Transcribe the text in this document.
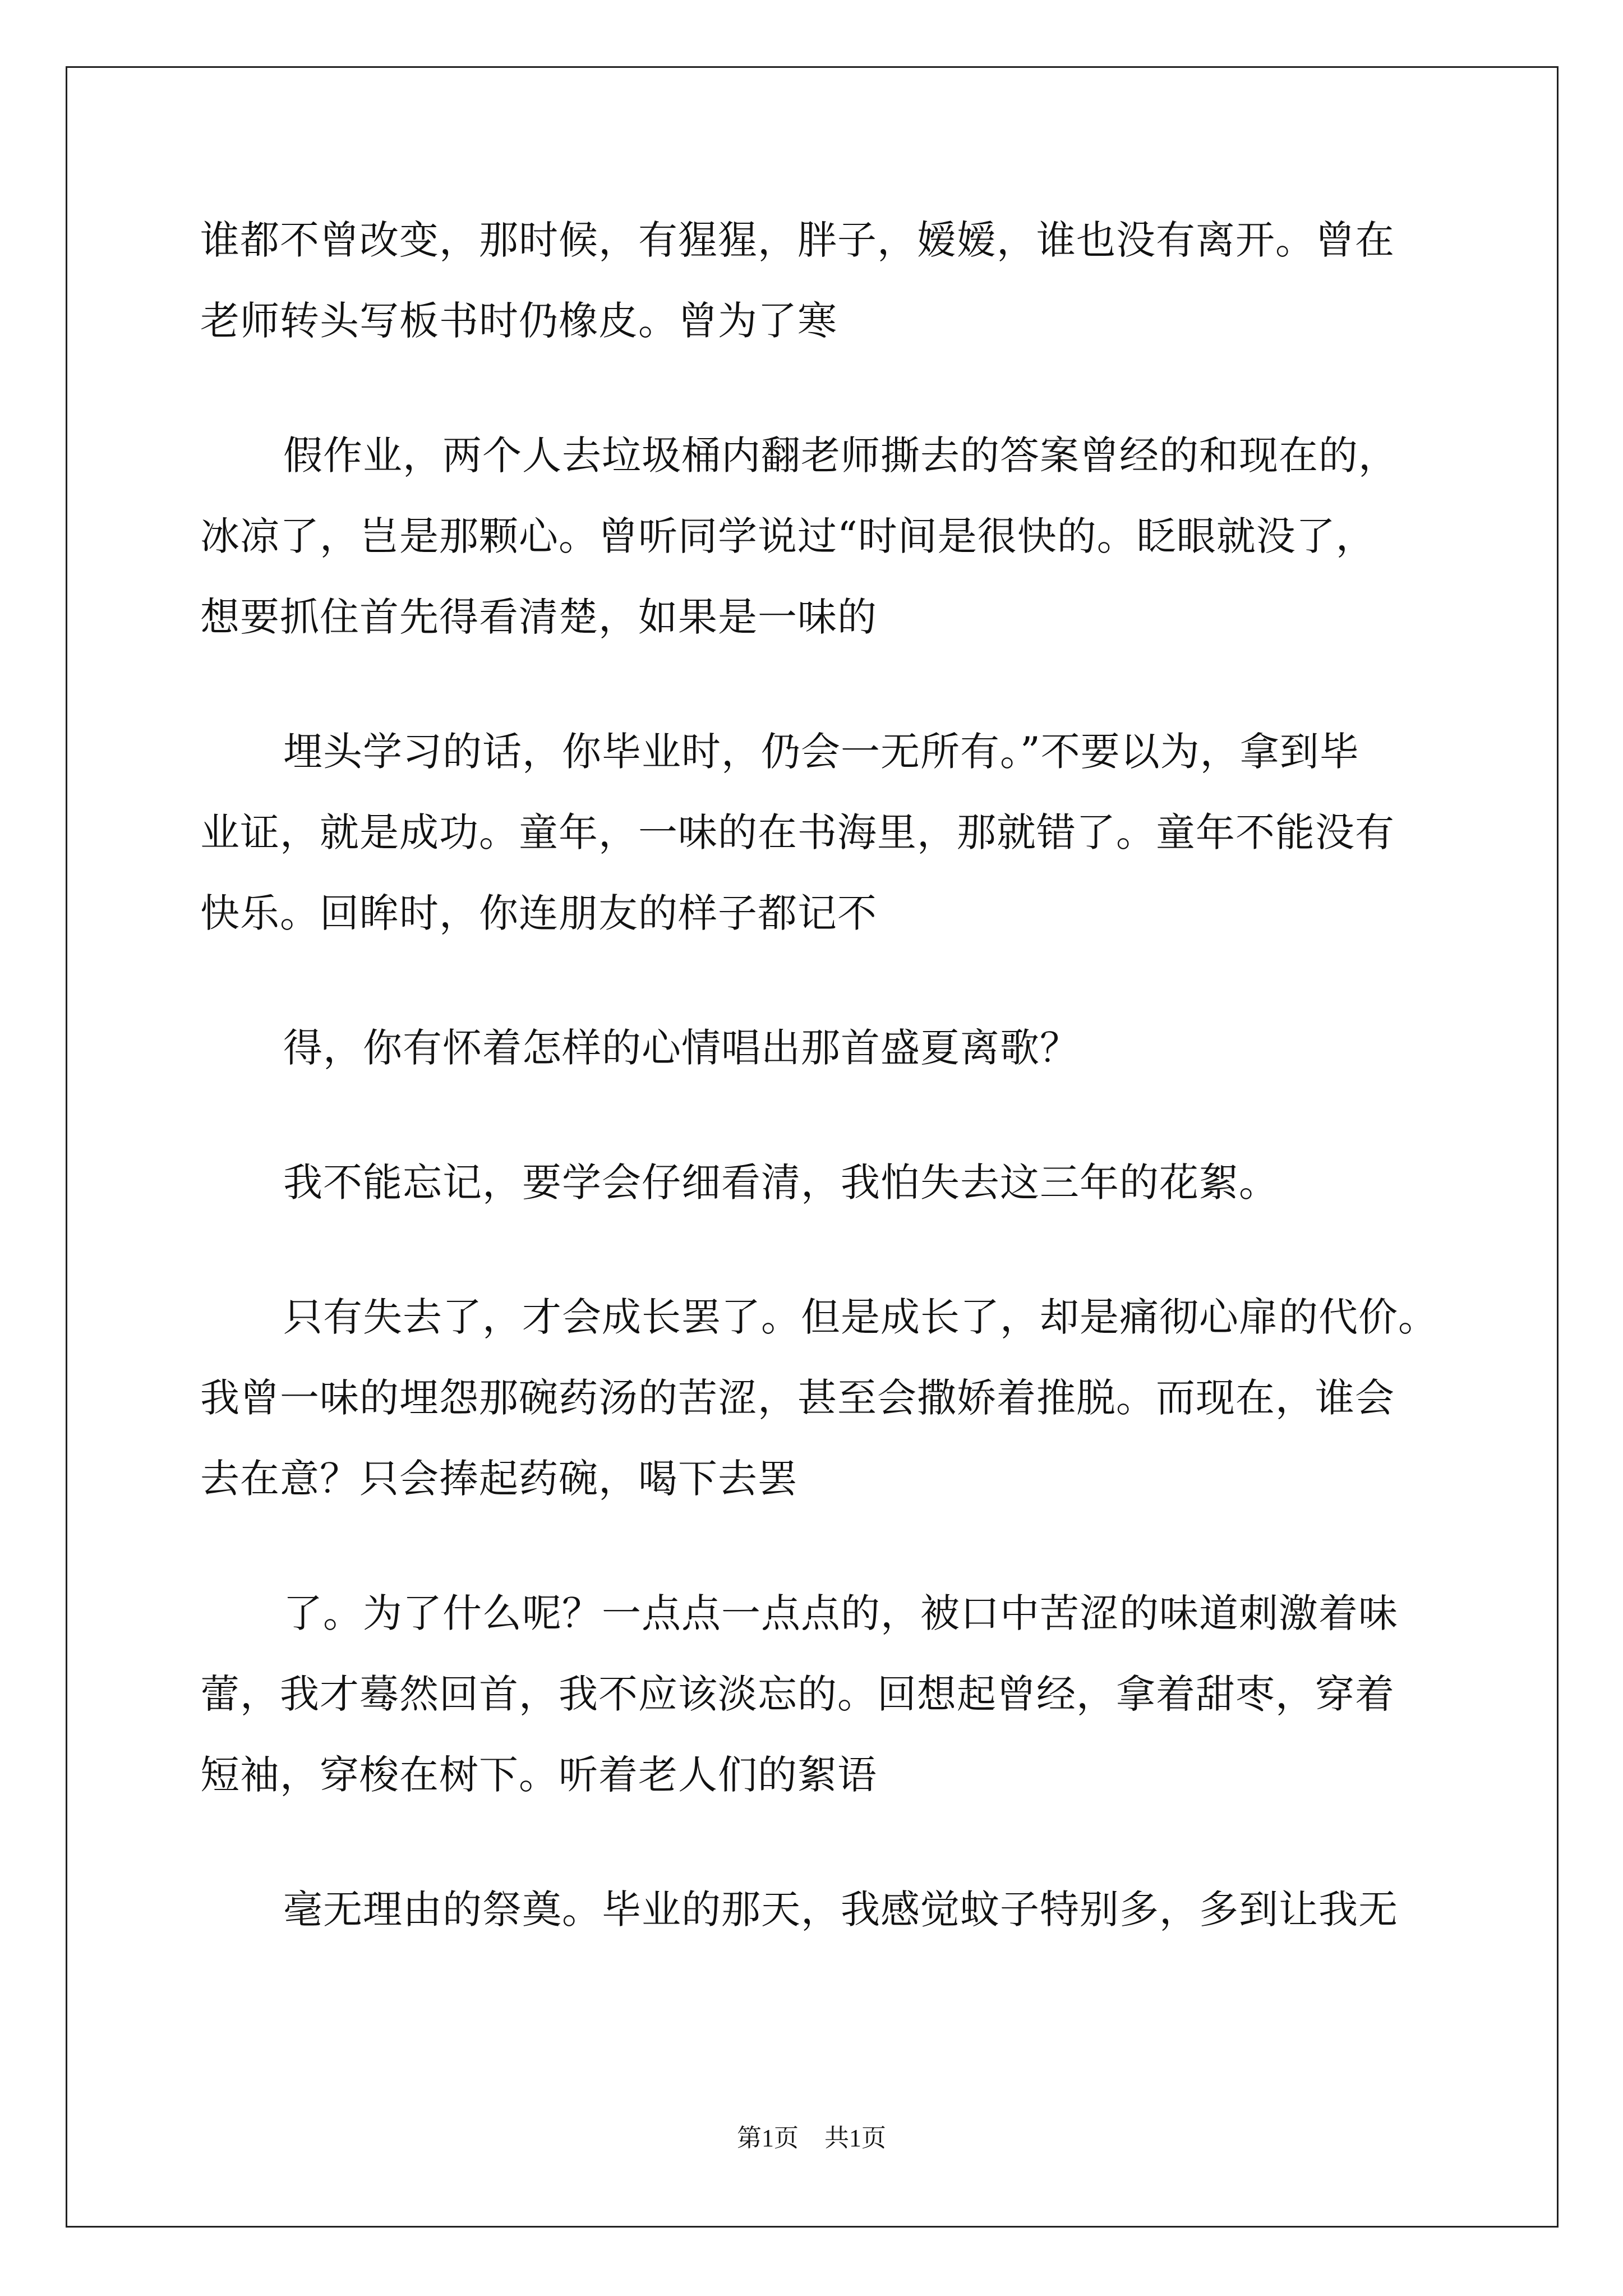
谁都不曾改变，那时候，有猩猩，胖子，嫒嫒，谁也没有离开。曾在
老师转头写板书时仍橡皮。曾为了寒
假作业，两个人去垃圾桶内翻老师撕去的答案曾经的和现在的，
冰凉了，岂是那颗心。曾听同学说过“时间是很快的。眨眼就没了，
想要抓住首先得看清楚，如果是一味的
埋头学习的话，你毕业时，仍会一无所有。”不要以为，拿到毕
业证，就是成功。童年，一味的在书海里，那就错了。童年不能没有
快乐。回眸时，你连朋友的样子都记不
得，你有怀着怎样的心情唱出那首盛夏离歌？
我不能忘记，要学会仔细看清，我怕失去这三年的花絮。
只有失去了，才会成长罢了。但是成长了，却是痛彻心扉的代价。
我曾一味的埋怨那碗药汤的苦涩，甚至会撒娇着推脱。而现在，谁会
去在意？只会捧起药碗，喝下去罢
了。为了什么呢？一点点一点点的，被口中苦涩的味道刺激着味
蕾，我才蓦然回首，我不应该淡忘的。回想起曾经，拿着甜枣，穿着
短袖，穿梭在树下。听着老人们的絮语
毫无理由的祭奠。毕业的那天，我感觉蚊子特别多，多到让我无
第1页 共1页
